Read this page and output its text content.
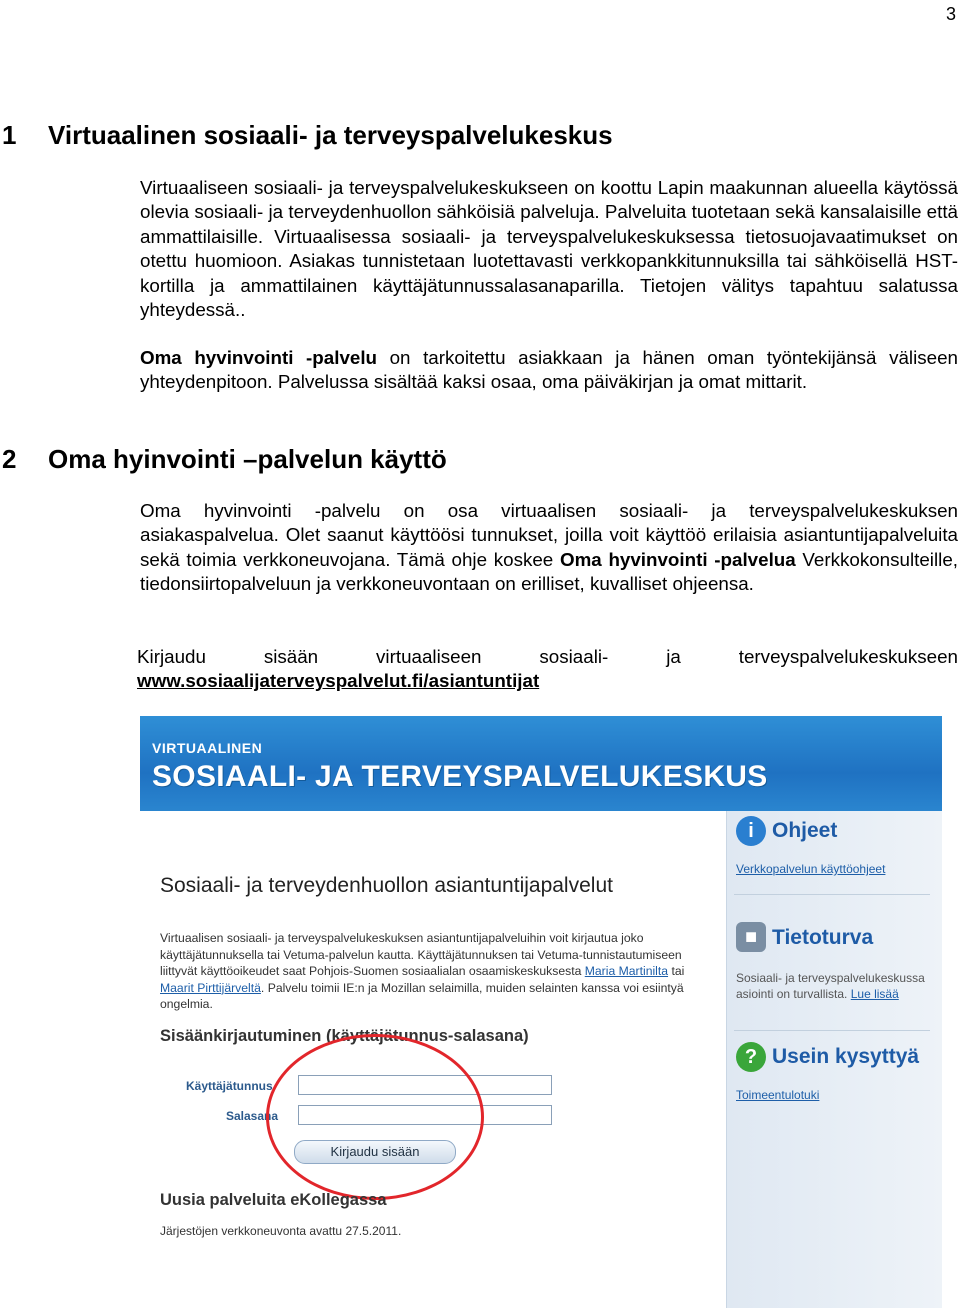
3
1 Virtuaalinen sosiaali- ja terveyspalvelukeskus

Virtuaaliseen sosiaali- ja terveyspalvelukeskukseen on koottu Lapin maakunnan alueella käytössä olevia sosiaali- ja terveydenhuollon sähköisiä palveluja. Palveluita tuotetaan sekä kansalaisille että ammattilaisille. Virtuaalisessa sosiaali- ja terveyspalvelukeskuksessa tietosuojavaatimukset on otettu huomioon. Asiakas tunnistetaan luotettavasti verkkopankkitunnuksilla tai sähköisellä HST-kortilla ja ammattilainen käyttäjätunnussalasanaparilla. Tietojen välitys tapahtuu salatussa yhteydessä..

Oma hyvinvointi -palvelu on tarkoitettu asiakkaan ja hänen oman työntekijänsä väliseen yhteydenpitoon. Palvelussa sisältää kaksi osaa, oma päiväkirjan ja omat mittarit.

2 Oma hyinvointi –palvelun käyttö

Oma hyvinvointi -palvelu on osa virtuaalisen sosiaali- ja terveyspalvelukeskuksen asiakaspalvelua. Olet saanut käyttöösi tunnukset, joilla voit käyttöö erilaisia asiantuntijapalveluita sekä toimia verkkoneuvojana. Tämä ohje koskee Oma hyvinvointi -palvelua Verkkokonsulteille, tiedonsiirtopalveluun ja verkkoneuvontaan on erilliset, kuvalliset ohjeensa.

Kirjaudu sisään virtuaaliseen sosiaali- ja terveyspalvelukeskukseen

www.sosiaalijaterveyspalvelut.fi/asiantuntijat

VIRTUAALINEN
SOSIAALI- JA TERVEYSPALVELUKESKUS
Sosiaali- ja terveydenhuollon asiantuntijapalvelut
Virtuaalisen sosiaali- ja terveyspalvelukeskuksen asiantuntijapalveluihin voit kirjautua joko käyttäjätunnuksella tai Vetuma-palvelun kautta. Käyttäjätunnuksen tai Vetuma-tunnistautumiseen liittyvät käyttöoikeudet saat Pohjois-Suomen sosiaalialan osaamiskeskuksesta Maria Martinilta tai Maarit Pirttijärveltä. Palvelu toimii IE:n ja Mozillan selaimilla, muiden selainten kanssa voi esiintyä ongelmia.
Sisäänkirjautuminen (käyttäjätunnus-salasana)
Käyttäjätunnus
Salasana
Kirjaudu sisään
Uusia palveluita eKollegassa
Järjestöjen verkkoneuvonta avattu 27.5.2011.
i Ohjeet
Verkkopalvelun käyttöohjeet
■ Tietoturva
Sosiaali- ja terveyspalvelukeskussa asiointi on turvallista. Lue lisää
? Usein kysyttyä
Toimeentulotuki
